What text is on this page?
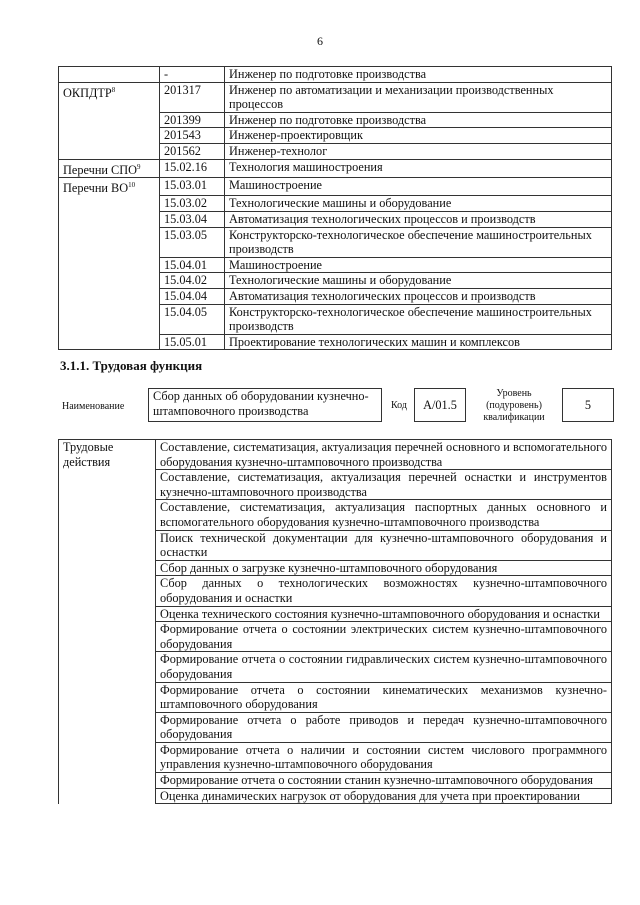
6
	-	Инженер по подготовке производства
ОКПДТР$^8$	201317	Инженер по автоматизации и механизации производственных процессов
	201399	Инженер по подготовке производства
	201543	Инженер-проектировщик
	201562	Инженер-технолог
Перечни СПО$^9$	15.02.16	Технология машиностроения
Перечни ВО$^{10}$	15.03.01	Машиностроение
	15.03.02	Технологические машины и оборудование
	15.03.04	Автоматизация технологических процессов и производств
	15.03.05	Конструкторско-технологическое обеспечение машиностроительных производств
	15.04.01	Машиностроение
	15.04.02	Технологические машины и оборудование
	15.04.04	Автоматизация технологических процессов и производств
	15.04.05	Конструкторско-технологическое обеспечение машиностроительных производств
	15.05.01	Проектирование технологических машин и комплексов
3.1.1. Трудовая функция
Наименование
Сбор данных об оборудовании кузнечно-штамповочного производства	Код	А/01.5
Уровень (подуровень) квалификации
5
Трудовые действия	Составление, систематизация, актуализация перечней основного и вспомогательного оборудования кузнечно-штамповочного производства
Составление, систематизация, актуализация перечней оснастки и инструментов кузнечно-штамповочного производства
Составление, систематизация, актуализация паспортных данных основного и вспомогательного оборудования кузнечно-штамповочного производства
Поиск технической документации для кузнечно-штамповочного оборудования и оснастки
Сбор данных о загрузке кузнечно-штамповочного оборудования
Сбор данных о технологических возможностях кузнечно-штамповочного оборудования и оснастки
Оценка технического состояния кузнечно-штамповочного оборудования и оснастки
Формирование отчета о состоянии электрических систем кузнечно-штамповочного оборудования
Формирование отчета о состоянии гидравлических систем кузнечно-штамповочного оборудования
Формирование отчета о состоянии кинематических механизмов кузнечно-штамповочного оборудования
Формирование отчета о работе приводов и передач кузнечно-штамповочного оборудования
Формирование отчета о наличии и состоянии систем числового программного управления кузнечно-штамповочного оборудования
Формирование отчета о состоянии станин кузнечно-штамповочного оборудования
Оценка динамических нагрузок от оборудования для учета при проектировании
